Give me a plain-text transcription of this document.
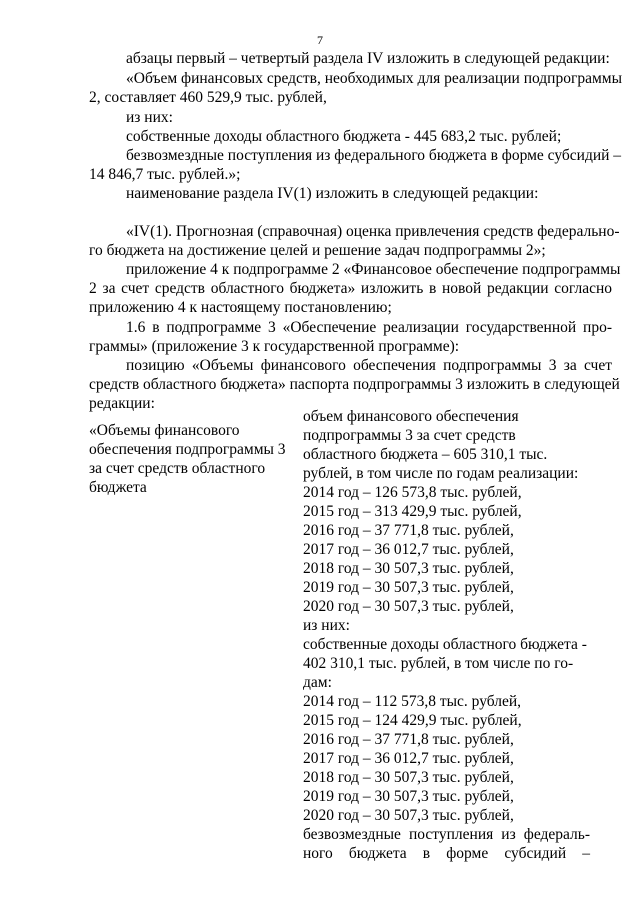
7
абзацы первый – четвертый раздела IV изложить в следующей редакции:
«Объем финансовых средств, необходимых для реализации подпрограммы
2, составляет 460 529,9 тыс. рублей,
из них:
собственные доходы областного бюджета - 445 683,2 тыс. рублей;
безвозмездные поступления из федерального бюджета в форме субсидий –
14 846,7 тыс. рублей.»;
наименование раздела IV(1) изложить в следующей редакции:
«IV(1). Прогнозная (справочная) оценка привлечения средств федерально-
го бюджета на достижение целей и решение задач подпрограммы 2»;
приложение 4 к подпрограмме 2 «Финансовое обеспечение подпрограммы
2 за счет средств областного бюджета» изложить в новой редакции согласно
приложению 4 к настоящему постановлению;
1.6 в подпрограмме 3 «Обеспечение реализации государственной про-
граммы» (приложение 3 к государственной программе):
позицию «Объемы финансового обеспечения подпрограммы 3 за счет
средств областного бюджета» паспорта подпрограммы 3 изложить в следующей
редакции:
«Объемы финансового
обеспечения подпрограммы 3
за счет средств областного
бюджета
объем финансового обеспечения
подпрограммы 3 за счет средств
областного бюджета – 605 310,1 тыс.
рублей, в том числе по годам реализации:
2014 год – 126 573,8 тыс. рублей,
2015 год – 313 429,9 тыс. рублей,
2016 год – 37 771,8 тыс. рублей,
2017 год – 36 012,7 тыс. рублей,
2018 год – 30 507,3 тыс. рублей,
2019 год – 30 507,3 тыс. рублей,
2020 год – 30 507,3 тыс. рублей,
из них:
собственные доходы областного бюджета -
402 310,1 тыс. рублей, в том числе по го-
дам:
2014 год – 112 573,8 тыс. рублей,
2015 год – 124 429,9 тыс. рублей,
2016 год – 37 771,8 тыс. рублей,
2017 год – 36 012,7 тыс. рублей,
2018 год – 30 507,3 тыс. рублей,
2019 год – 30 507,3 тыс. рублей,
2020 год – 30 507,3 тыс. рублей,
безвозмездные поступления из федераль-
ного бюджета в форме субсидий –
